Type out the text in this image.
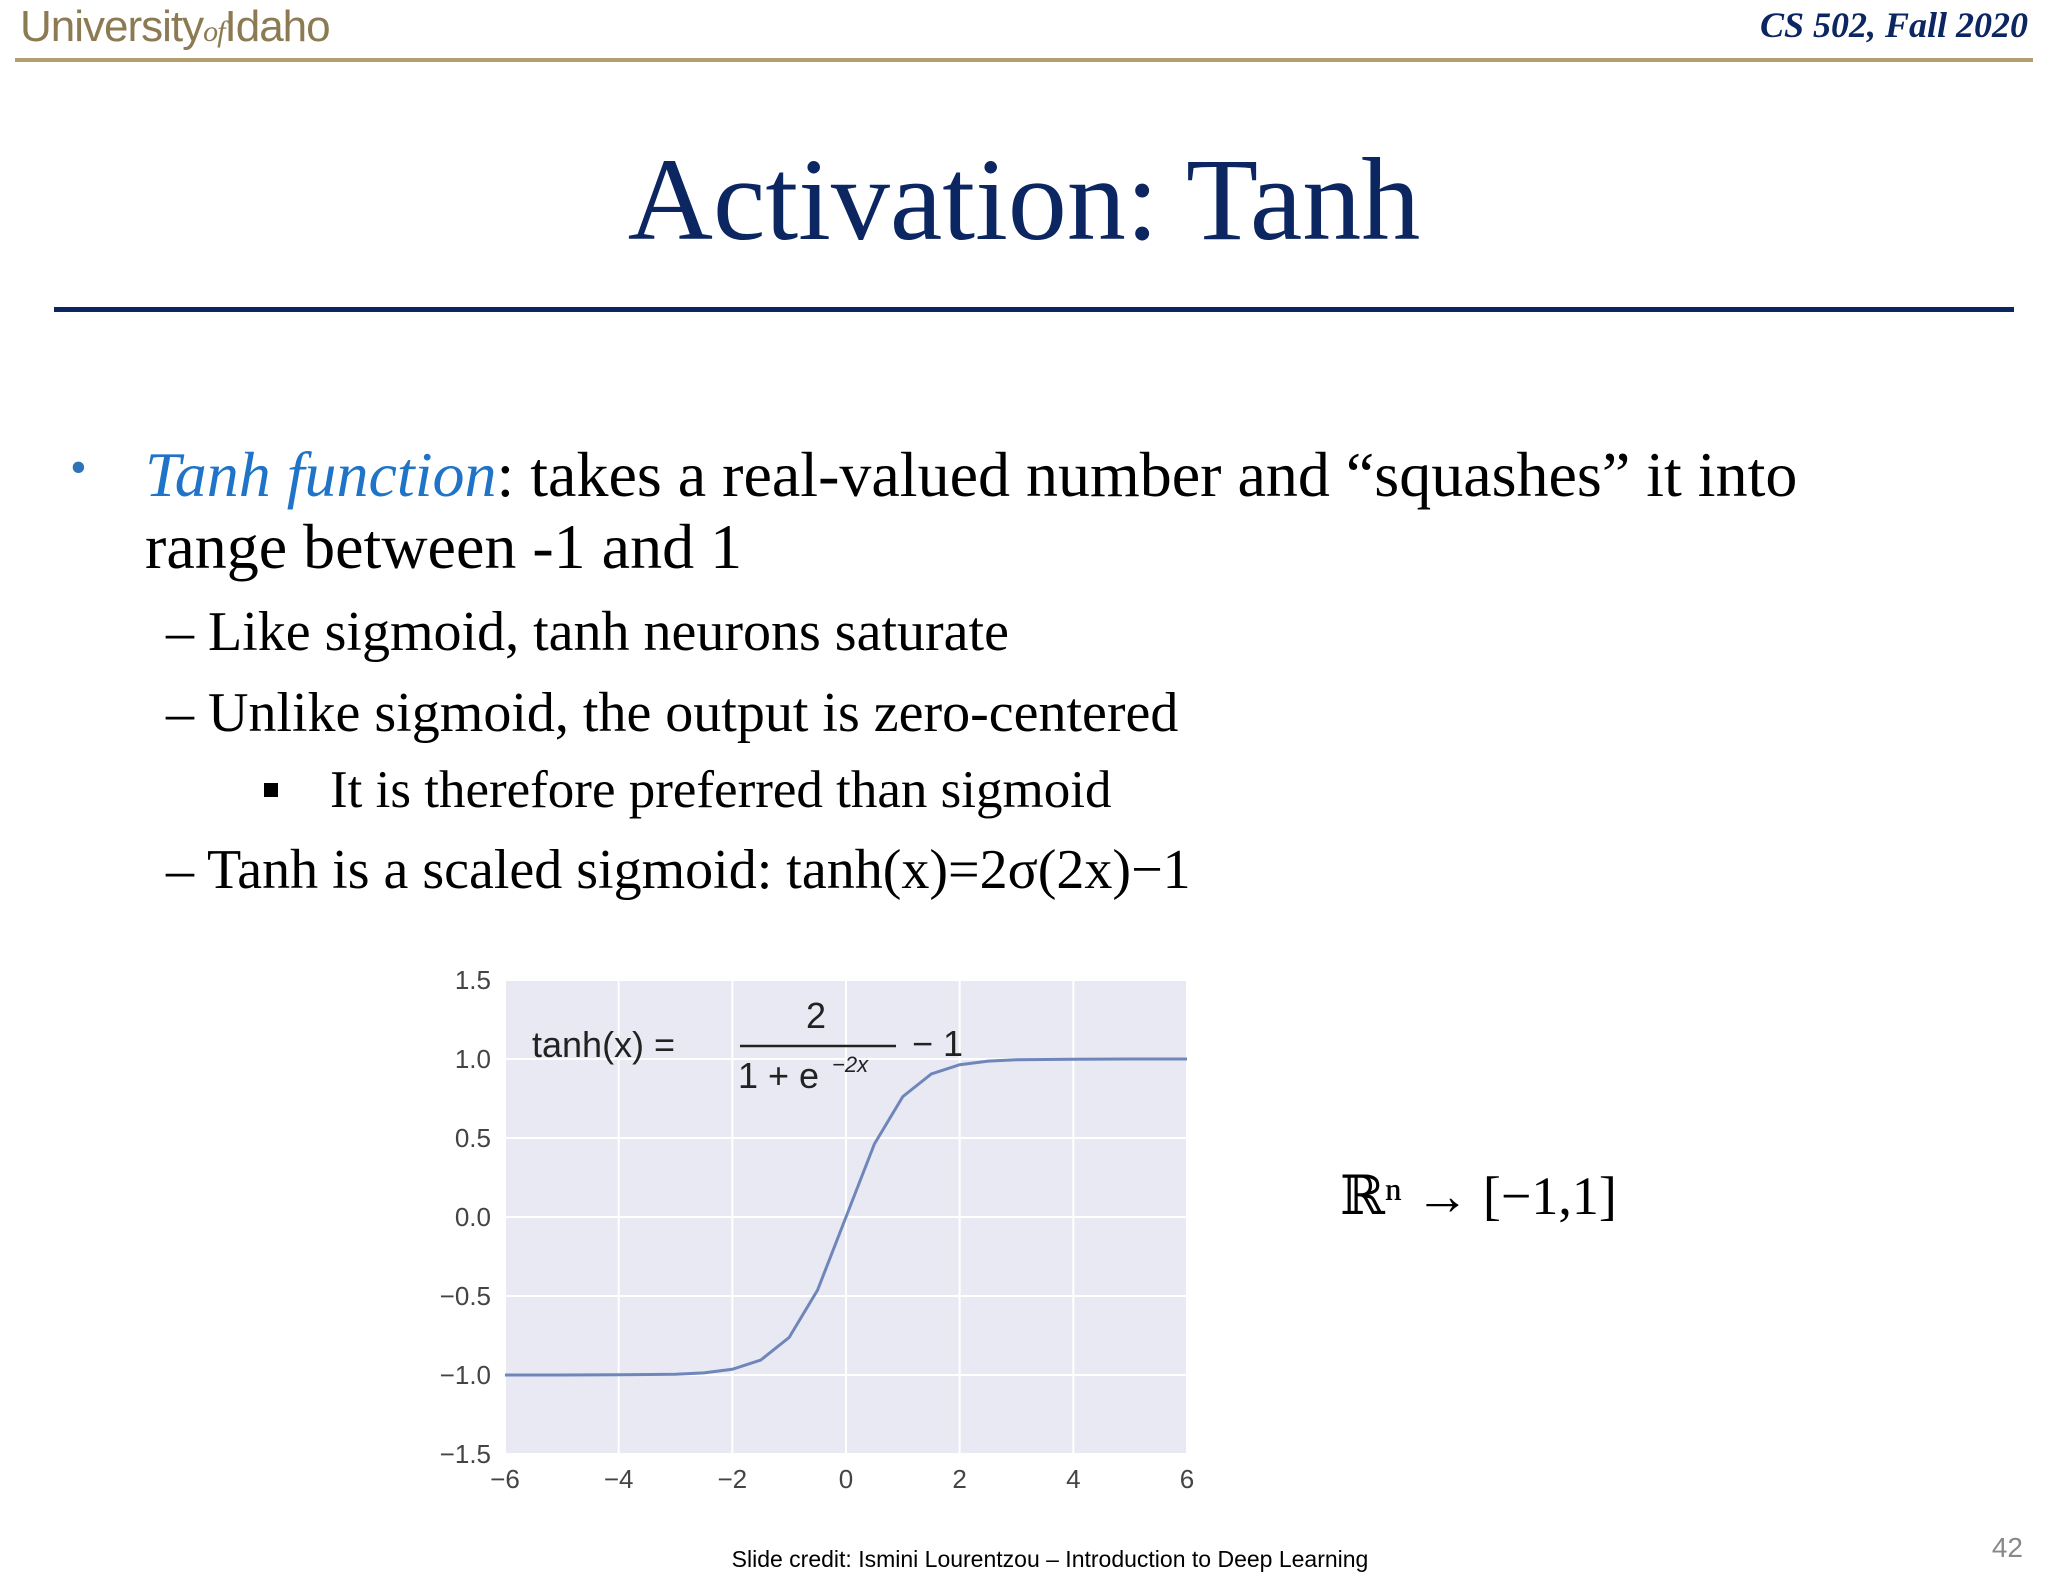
UniversityofIdaho	CS 502, Fall 2020
Activation: Tanh
• Tanh function: takes a real-valued number and “squashes” it into
range between -1 and 1
– Like sigmoid, tanh neurons saturate
– Unlike sigmoid, the output is zero-centered
It is therefore preferred than sigmoid
– Tanh is a scaled sigmoid: tanh(x)=2σ(2x)−1
1.5
1.0
0.5
0.0
−0.5
−1.0
−1.5
−6	−4	−2	0	2	4	6
tanh(x) =
2
1 + e −2x
− 1
ℝⁿ → [−1,1]
Slide credit: Ismini Lourentzou – Introduction to Deep Learning	42
